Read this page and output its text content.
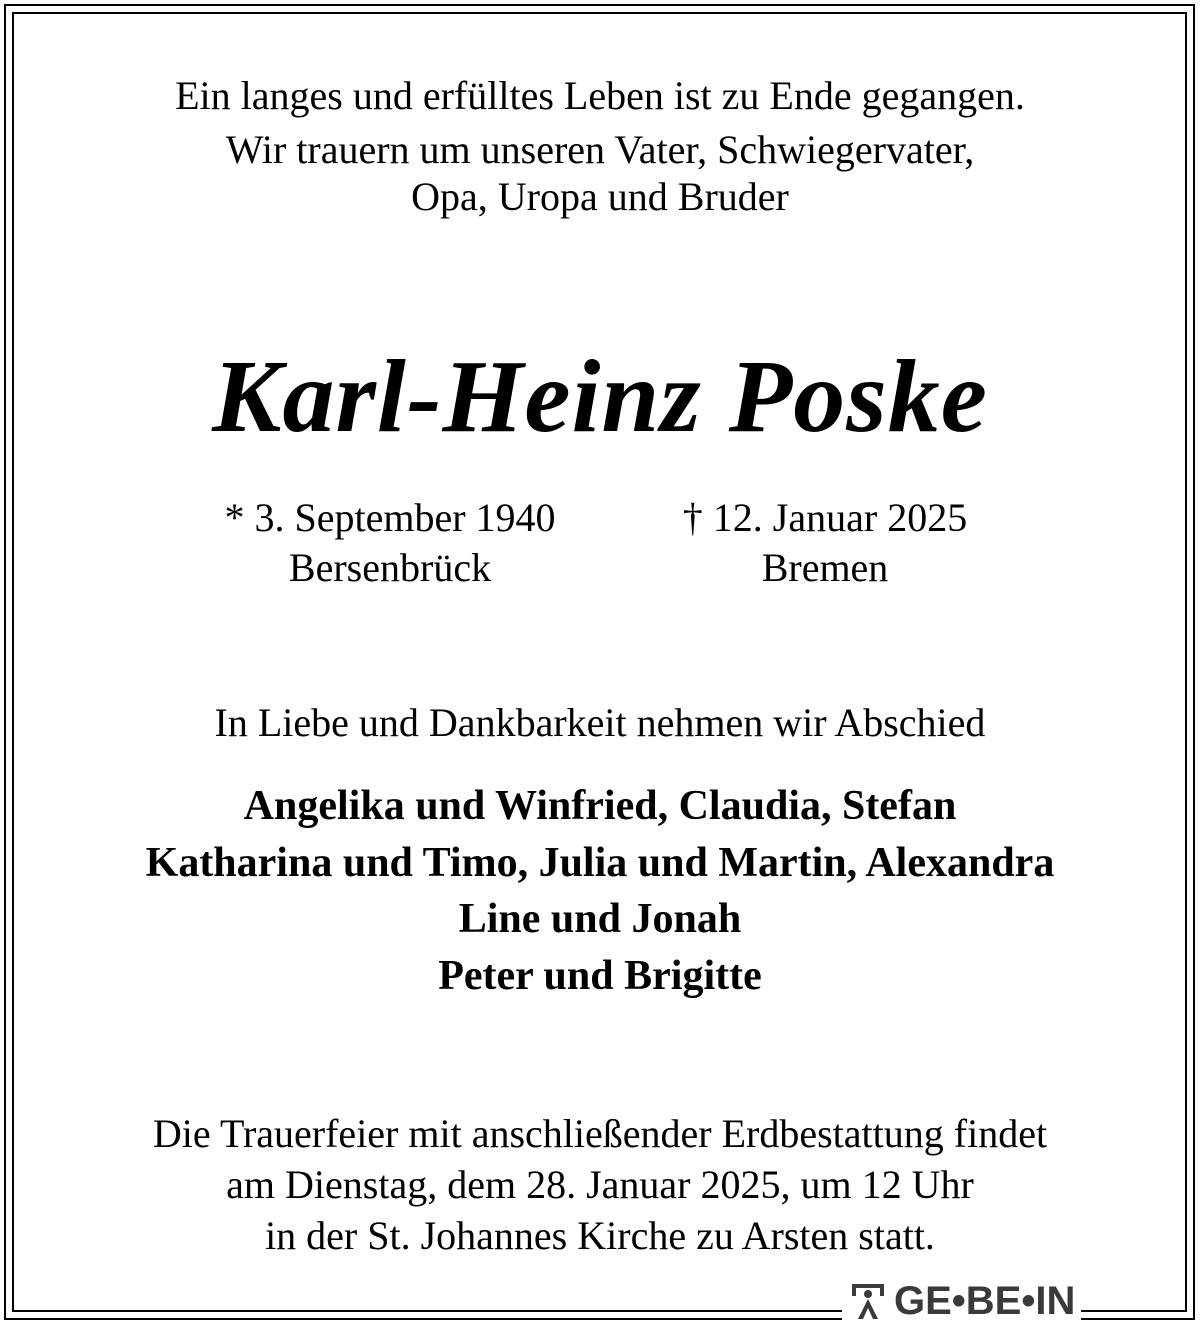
Ein langes und erfülltes Leben ist zu Ende gegangen.
Wir trauern um unseren Vater, Schwiegervater,
Opa, Uropa und Bruder
Karl-Heinz Poske
* 3. September 1940
Bersenbrück
† 12. Januar 2025
Bremen
In Liebe und Dankbarkeit nehmen wir Abschied
Angelika und Winfried, Claudia, Stefan
Katharina und Timo, Julia und Martin, Alexandra
Line und Jonah
Peter und Brigitte
Die Trauerfeier mit anschließender Erdbestattung findet
am Dienstag, dem 28. Januar 2025, um 12 Uhr
in der St. Johannes Kirche zu Arsten statt.
GE•BE•IN
